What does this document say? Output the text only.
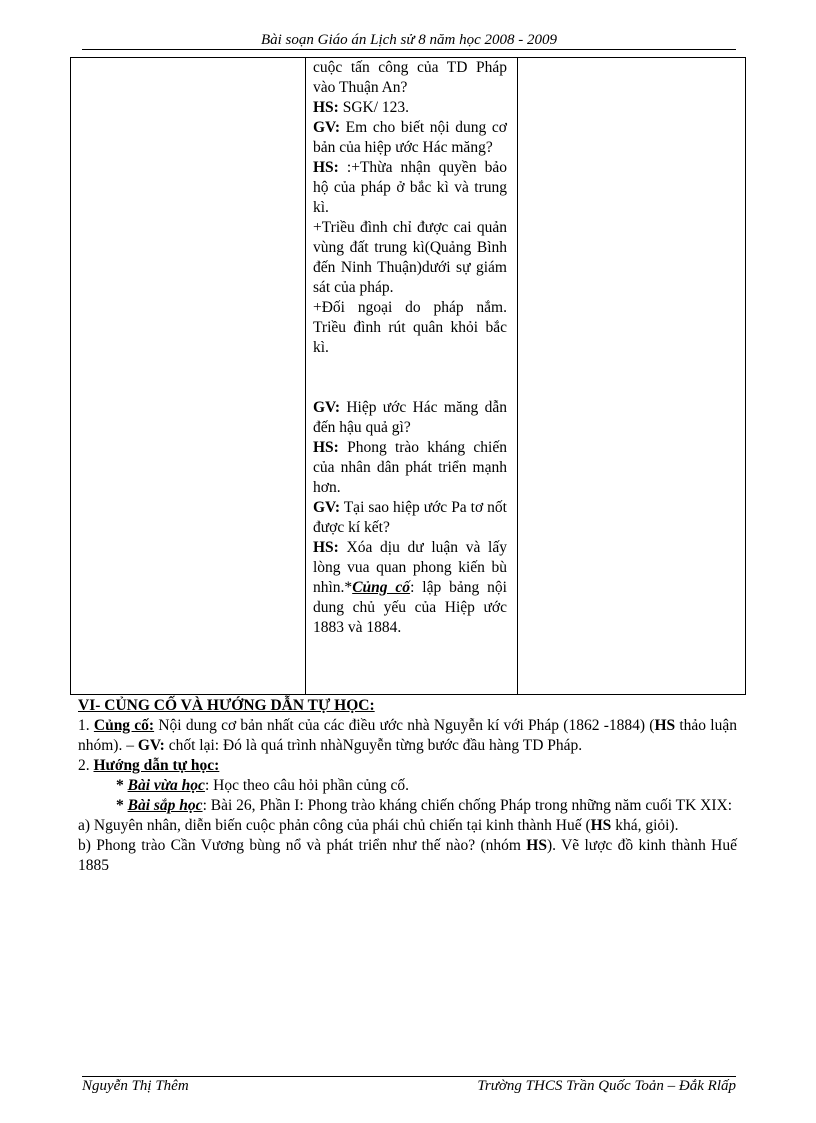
Bài soạn Giáo án Lịch sử 8 năm học 2008 - 2009

cuộc tấn công của TD Pháp vào Thuận An?

HS: SGK/ 123.

GV: Em cho biết nội dung cơ bản của hiệp ước Hác măng?

HS: :+Thừa nhận quyền bảo hộ của pháp ở bắc kì và trung kì.

+Triều đình chỉ được cai quản vùng đất trung kì(Quảng Bình đến Ninh Thuận)dưới sự giám sát của pháp.

+Đối ngoại do pháp nắm. Triều đình rút quân khỏi bắc kì.

GV: Hiệp ước Hác măng dẫn đến hậu quả gì?

HS: Phong trào kháng chiến của nhân dân phát triển mạnh hơn.

GV: Tại sao hiệp ước Pa tơ nốt được kí kết?

HS: Xóa dịu dư luận và lấy lòng vua quan phong kiến bù nhìn.*Củng cố: lập bảng nội dung chủ yếu của Hiệp ước 1883 và 1884.

VI- CỦNG CỐ VÀ HƯỚNG DẪN TỰ HỌC:

1. Củng cố: Nội dung cơ bản nhất của các điều ước nhà Nguyễn kí với Pháp (1862 -1884) (HS thảo luận nhóm). – GV: chốt lại: Đó là quá trình nhàNguyễn từng bước đầu hàng TD Pháp.

2. Hướng dẫn tự học:

* Bài vừa học: Học theo câu hỏi phần củng cố.

* Bài sắp học: Bài 26, Phần I: Phong trào kháng chiến chống Pháp trong những năm cuối TK XIX:

a) Nguyên nhân, diễn biến cuộc phản công của phái chủ chiến tại kinh thành Huế (HS khá, giỏi).

b) Phong trào Cần Vương bùng nổ và phát triển như thế nào? (nhóm HS). Vẽ lược đồ kinh thành Huế 1885

Nguyễn Thị Thêm	Trường THCS Trần Quốc Toản – Đắk Rlấp
